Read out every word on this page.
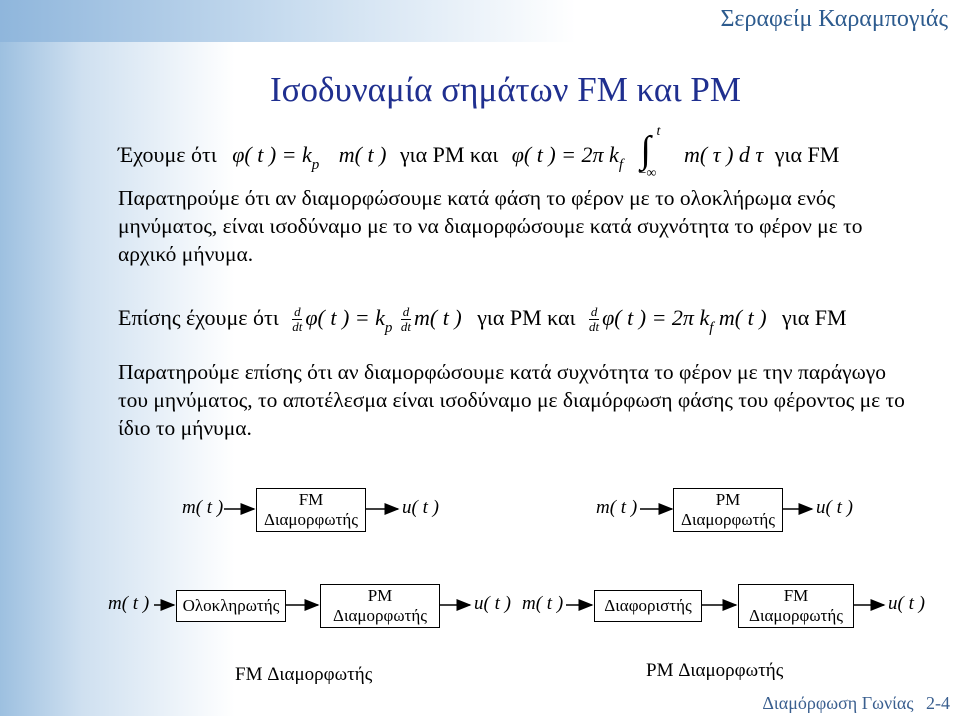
Σεραφείμ Καραμπογιάς
Ισοδυναμία σημάτων FM και PM
Έχουμε ότι φ( t ) = $k_p$ m( t ) για PM και φ( t ) = 2π $k_f$ ∫ t
−∞
m( τ ) d τ για FM
Παρατηρούμε ότι αν διαμορφώσουμε κατά φάση το φέρον με το ολοκλήρωμα ενός μηνύματος, είναι ισοδύναμο με το να διαμορφώσουμε κατά συχνότητα το φέρον με το αρχικό μήνυμα.
Επίσης έχουμε ότι $\frac{d}{dt} \varphi$( t ) = $k_p \frac{d}{dt} m$( t ) για PM και $\frac{d}{dt} \varphi$( t ) = 2π $k_f$ m( t ) για FM
Παρατηρούμε επίσης ότι αν διαμορφώσουμε κατά συχνότητα το φέρον με την παράγωγο του μηνύματος, το αποτέλεσμα είναι ισοδύναμο με διαμόρφωση φάσης του φέροντος με το ίδιο το μήνυμα.
m( t )	FM
Διαμορφωτής
u( t )	m( t )	PM
Διαμορφωτής
u( t )
m( t )	Ολοκληρωτής
PM
Διαμορφωτής
u( t ) m( t )	Διαφοριστής
FM
Διαμορφωτής
u( t )
FM Διαμορφωτής	PM Διαμορφωτής
Διαμόρφωση Γωνίας 2-4
